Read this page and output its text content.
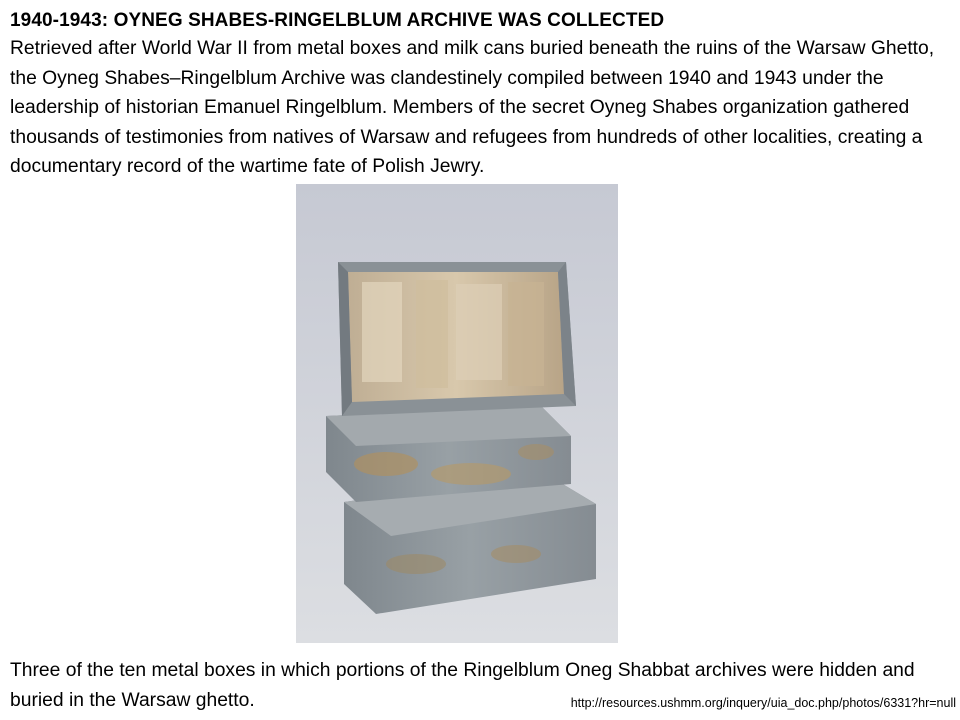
1940-1943: OYNEG SHABES-RINGELBLUM ARCHIVE WAS COLLECTED

Retrieved after World War II from metal boxes and milk cans buried beneath the ruins of the Warsaw Ghetto, the Oyneg Shabes–Ringelblum Archive was clandestinely compiled between 1940 and 1943 under the leadership of historian Emanuel Ringelblum. Members of the secret Oyneg Shabes organization gathered thousands of testimonies from natives of Warsaw and refugees from hundreds of other localities, creating a documentary record of the wartime fate of Polish Jewry.

Three of the ten metal boxes in which portions of the Ringelblum Oneg Shabbat archives were hidden and buried in the Warsaw ghetto.	http://resources.ushmm.org/inquery/uia_doc.php/photos/6331?hr=null
